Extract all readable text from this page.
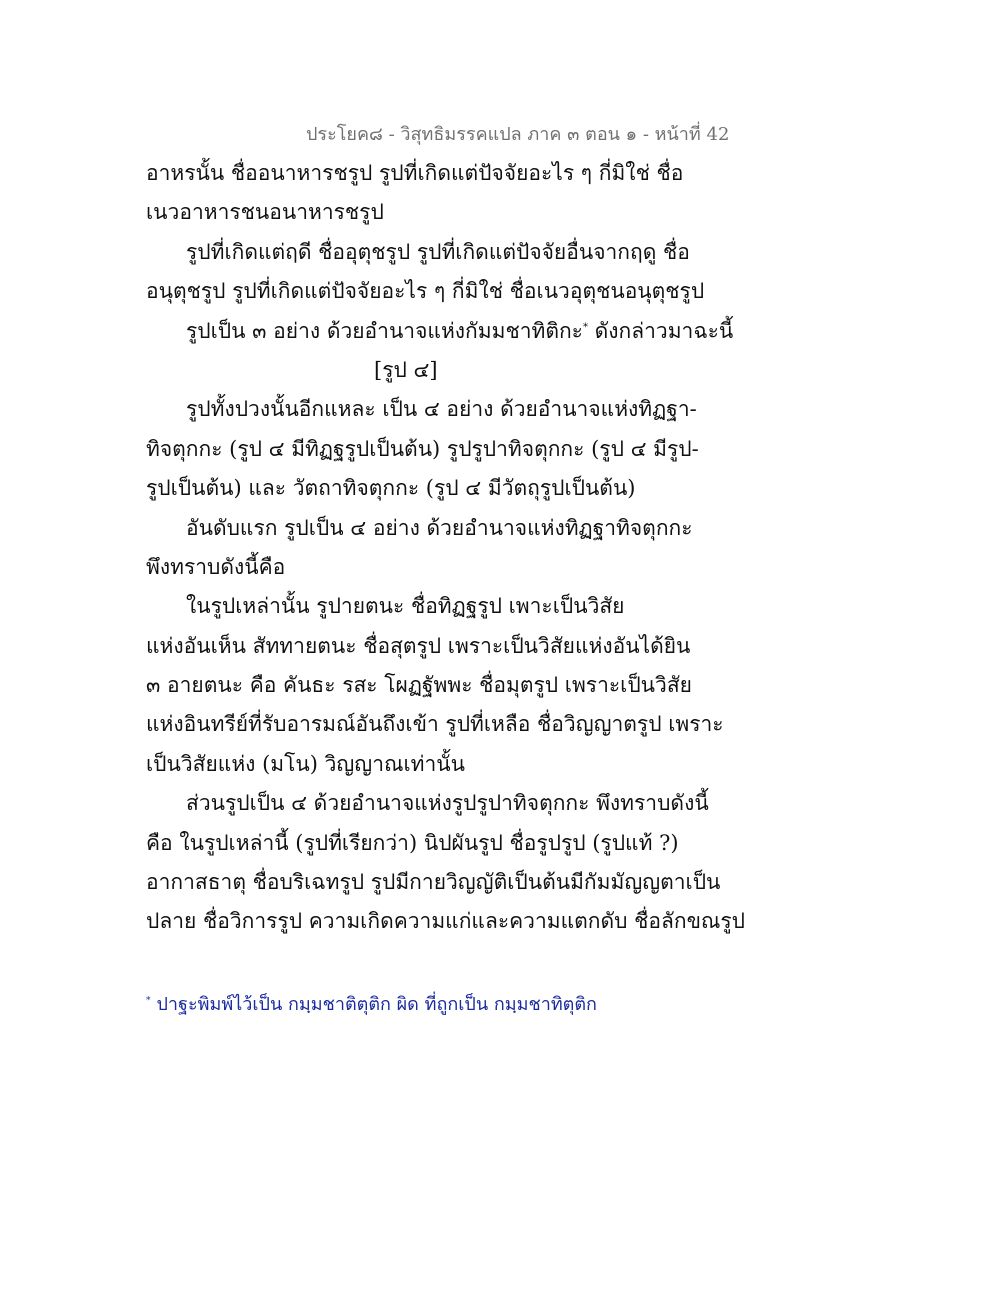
ประโยค๘ - วิสุทธิมรรคแปล ภาค ๓ ตอน ๑ - หน้าที่ 42
อาหรนั้น ชื่ออนาหารชรูป รูปที่เกิดแต่ปัจจัยอะไร ๆ กี่มิใช่ ชื่อ
เนวอาหารชนอนาหารชรูป
รูปที่เกิดแต่ฤดี ชื่ออุตุชรูป รูปที่เกิดแต่ปัจจัยอื่นจากฤดู ชื่อ
อนุตุชรูป รูปที่เกิดแต่ปัจจัยอะไร ๆ กี่มิใช่ ชื่อเนวอุตุชนอนุตุชรูป
รูปเป็น ๓ อย่าง ด้วยอำนาจแห่งกัมมชาทิติกะ* ดังกล่าวมาฉะนี้
[รูป ๔]
รูปทั้งปวงนั้นอีกแหละ เป็น ๔ อย่าง ด้วยอำนาจแห่งทิฏฐา-
ทิจตุกกะ (รูป ๔ มีทิฏฐรูปเป็นต้น) รูปรูปาทิจตุกกะ (รูป ๔ มีรูป-
รูปเป็นต้น) และ วัตถาทิจตุกกะ (รูป ๔ มีวัตถุรูปเป็นต้น)
อันดับแรก รูปเป็น ๔ อย่าง ด้วยอำนาจแห่งทิฏฐาทิจตุกกะ
พึงทราบดังนี้คือ
ในรูปเหล่านั้น รูปายตนะ ชื่อทิฏฐรูป เพาะเป็นวิสัย
แห่งอันเห็น สัททายตนะ ชื่อสุตรูป เพราะเป็นวิสัยแห่งอันได้ยิน
๓ อายตนะ คือ คันธะ รสะ โผฏฐัพพะ ชื่อมุตรูป เพราะเป็นวิสัย
แห่งอินทรีย์ที่รับอารมณ์อันถึงเข้า รูปที่เหลือ ชื่อวิญญาตรูป เพราะ
เป็นวิสัยแห่ง (มโน) วิญญาณเท่านั้น
ส่วนรูปเป็น ๔ ด้วยอำนาจแห่งรูปรูปาทิจตุกกะ พึงทราบดังนี้
คือ ในรูปเหล่านี้ (รูปที่เรียกว่า) นิปผันรูป ชื่อรูปรูป (รูปแท้ ?)
อากาสธาตุ ชื่อบริเฉทรูป รูปมีกายวิญญัติเป็นต้นมีกัมมัญญตาเป็น
ปลาย ชื่อวิการรูป ความเกิดความแก่และความแตกดับ ชื่อลักขณรูป
* ปาฐะพิมพ์ไว้เป็น กมฺมชาติตุติก ผิด ที่ถูกเป็น กมฺมชาทิตุติก
